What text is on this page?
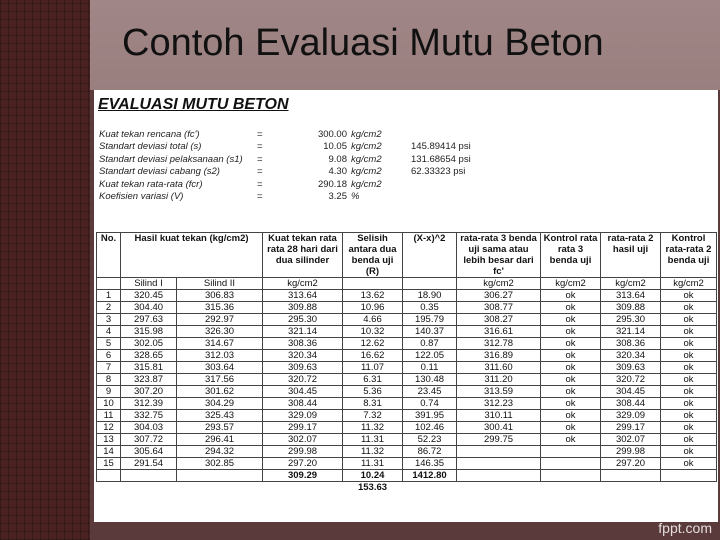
Contoh Evaluasi Mutu Beton
EVALUASI MUTU BETON
Kuat tekan rencana (fc')	=	300.00 kg/cm2
Standart deviasi total (s)	=	10.05 kg/cm2	145.89414 psi
Standart deviasi pelaksanaan (s1)	=	9.08 kg/cm2	131.68654 psi
Standart deviasi cabang (s2)	=	4.30 kg/cm2	62.33323 psi
Kuat tekan rata-rata (fcr)	=	290.18 kg/cm2
Koefisien variasi (V)	=	3.25 %
No.	Hasil kuat tekan (kg/cm2)		Kuat tekan rata rata 28 hari dari dua silinder	Selisih antara dua benda uji (R)	(X-x)^2	rata-rata 3 benda uji sama atau lebih besar dari fc'	Kontrol rata rata 3 benda uji	rata-rata 2 hasil uji	Kontrol rata-rata 2 benda uji
	Silind I	Silind II	kg/cm2			kg/cm2	kg/cm2	kg/cm2	kg/cm2
1	320.45	306.83	313.64	13.62	18.90	306.27	ok	313.64	ok
2	304.40	315.36	309.88	10.96	0.35	308.77	ok	309.88	ok
3	297.63	292.97	295.30	4.66	195.79	308.27	ok	295.30	ok
4	315.98	326.30	321.14	10.32	140.37	316.61	ok	321.14	ok
5	302.05	314.67	308.36	12.62	0.87	312.78	ok	308.36	ok
6	328.65	312.03	320.34	16.62	122.05	316.89	ok	320.34	ok
7	315.81	303.64	309.63	11.07	0.11	311.60	ok	309.63	ok
8	323.87	317.56	320.72	6.31	130.48	311.20	ok	320.72	ok
9	307.20	301.62	304.45	5.36	23.45	313.59	ok	304.45	ok
10	312.39	304.29	308.44	8.31	0.74	312.23	ok	308.44	ok
11	332.75	325.43	329.09	7.32	391.95	310.11	ok	329.09	ok
12	304.03	293.57	299.17	11.32	102.46	300.41	ok	299.17	ok
13	307.72	296.41	302.07	11.31	52.23	299.75	ok	302.07	ok
14	305.64	294.32	299.98	11.32	86.72			299.98	ok
15	291.54	302.85	297.20	11.31	146.35			297.20	ok
			309.29	10.24	1412.80				
				153.63					
fppt.com
